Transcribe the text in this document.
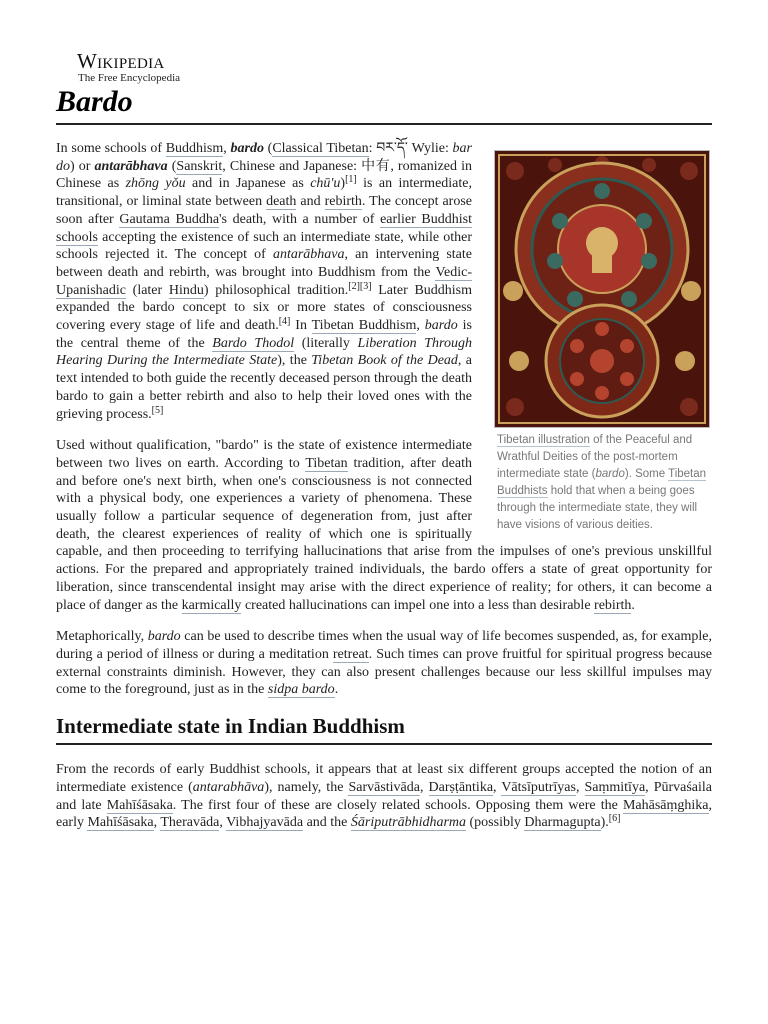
Wikipedia
The Free Encyclopedia
Bardo
Tibetan illustration of the Peaceful and Wrathful Deities of the post-mortem intermediate state (bardo). Some Tibetan Buddhists hold that when a being goes through the intermediate state, they will have visions of various deities.

In some schools of Buddhism, bardo (Classical Tibetan: བར་དོ་ Wylie: bar do) or antarābhava (Sanskrit, Chinese and Japanese: 中有, romanized in Chinese as zhōng yǒu and in Japanese as chū'u)[1] is an intermediate, transitional, or liminal state between death and rebirth. The concept arose soon after Gautama Buddha's death, with a number of earlier Buddhist schools accepting the existence of such an intermediate state, while other schools rejected it. The concept of antarābhava, an intervening state between death and rebirth, was brought into Buddhism from the Vedic-Upanishadic (later Hindu) philosophical tradition.[2][3] Later Buddhism expanded the bardo concept to six or more states of consciousness covering every stage of life and death.[4] In Tibetan Buddhism, bardo is the central theme of the Bardo Thodol (literally Liberation Through Hearing During the Intermediate State), the Tibetan Book of the Dead, a text intended to both guide the recently deceased person through the death bardo to gain a better rebirth and also to help their loved ones with the grieving process.[5]

Used without qualification, "bardo" is the state of existence intermediate between two lives on earth. According to Tibetan tradition, after death and before one's next birth, when one's consciousness is not connected with a physical body, one experiences a variety of phenomena. These usually follow a particular sequence of degeneration from, just after death, the clearest experiences of reality of which one is spiritually capable, and then proceeding to terrifying hallucinations that arise from the impulses of one's previous unskillful actions. For the prepared and appropriately trained individuals, the bardo offers a state of great opportunity for liberation, since transcendental insight may arise with the direct experience of reality; for others, it can become a place of danger as the karmically created hallucinations can impel one into a less than desirable rebirth.

Metaphorically, bardo can be used to describe times when the usual way of life becomes suspended, as, for example, during a period of illness or during a meditation retreat. Such times can prove fruitful for spiritual progress because external constraints diminish. However, they can also present challenges because our less skillful impulses may come to the foreground, just as in the sidpa bardo.

Intermediate state in Indian Buddhism

From the records of early Buddhist schools, it appears that at least six different groups accepted the notion of an intermediate existence (antarabhāva), namely, the Sarvāstivāda, Darṣṭāntika, Vātsīputrīyas, Saṃmitīya, Pūrvaśaila and late Mahīśāsaka. The first four of these are closely related schools. Opposing them were the Mahāsāṃghika, early Mahīśāsaka, Theravāda, Vibhajyavāda and the Śāriputrābhidharma (possibly Dharmagupta).[6]
